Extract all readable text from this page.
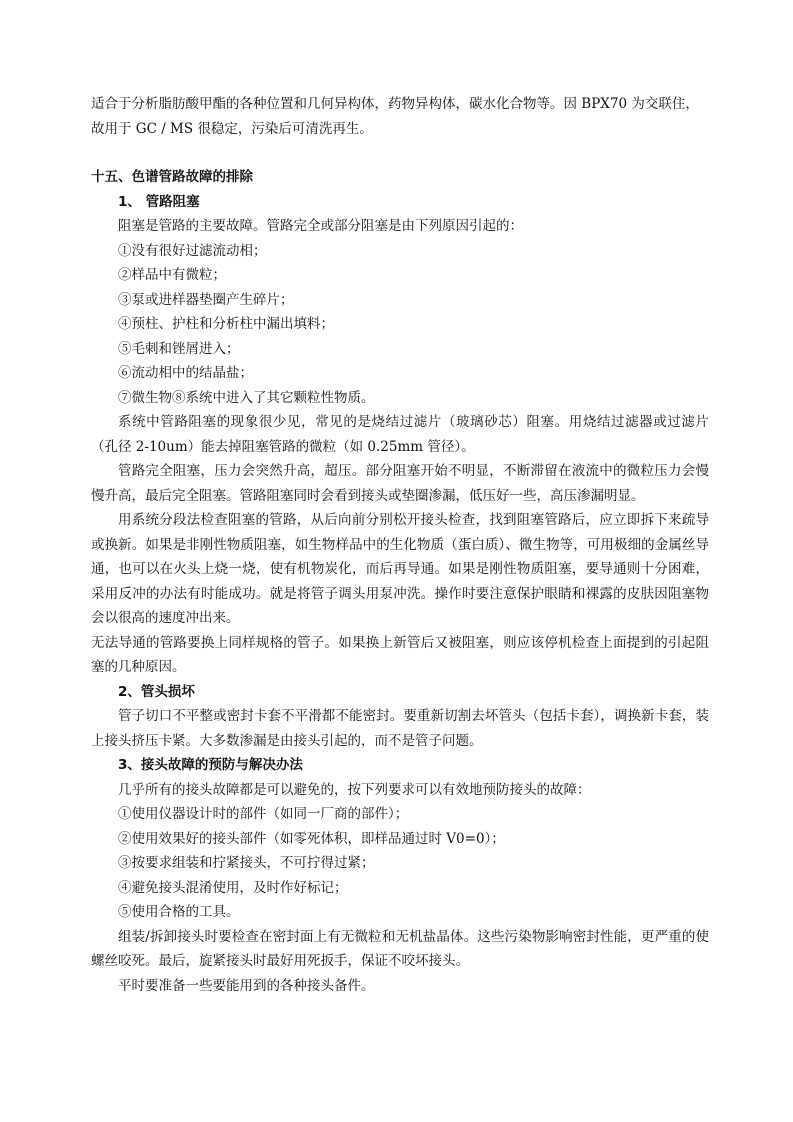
适合于分析脂肪酸甲酯的各种位置和几何异构体，药物异构体，碳水化合物等。因 BPX70 为交联住，

故用于 GC / MS 很稳定，污染后可清洗再生。

十五、色谱管路故障的排除

1、 管路阻塞

阻塞是管路的主要故障。管路完全或部分阻塞是由下列原因引起的：

①没有很好过滤流动相；

②样品中有微粒；

③泵或进样器垫圈产生碎片；

④预柱、护柱和分析柱中漏出填料；

⑤毛刺和锉屑进入；

⑥流动相中的结晶盐；

⑦微生物⑧系统中进入了其它颗粒性物质。

系统中管路阻塞的现象很少见，常见的是烧结过滤片（玻璃砂芯）阻塞。用烧结过滤器或过滤片（孔径 2-10um）能去掉阻塞管路的微粒（如 0.25mm 管径）。

管路完全阻塞，压力会突然升高，超压。部分阻塞开始不明显，不断滞留在液流中的微粒压力会慢慢升高，最后完全阻塞。管路阻塞同时会看到接头或垫圈渗漏，低压好一些，高压渗漏明显。

用系统分段法检查阻塞的管路，从后向前分别松开接头检查，找到阻塞管路后，应立即拆下来疏导或换新。如果是非刚性物质阻塞，如生物样品中的生化物质（蛋白质）、微生物等，可用极细的金属丝导通，也可以在火头上烧一烧，使有机物炭化，而后再导通。如果是刚性物质阻塞，要导通则十分困难，采用反冲的办法有时能成功。就是将管子调头用泵冲洗。操作时要注意保护眼睛和裸露的皮肤因阻塞物会以很高的速度冲出来。

无法导通的管路要换上同样规格的管子。如果换上新管后又被阻塞，则应该停机检查上面提到的引起阻塞的几种原因。

2、管头损坏

管子切口不平整或密封卡套不平滑都不能密封。要重新切割去坏管头（包括卡套），调换新卡套，装上接头挤压卡紧。大多数渗漏是由接头引起的，而不是管子问题。

3、接头故障的预防与解决办法

几乎所有的接头故障都是可以避免的，按下列要求可以有效地预防接头的故障：

①使用仪器设计时的部件（如同一厂商的部件）；

②使用效果好的接头部件（如零死体积，即样品通过时 V0=0）；

③按要求组装和拧紧接头，不可拧得过紧；

④避免接头混淆使用，及时作好标记；

⑤使用合格的工具。

组装/拆卸接头时要检查在密封面上有无微粒和无机盐晶体。这些污染物影响密封性能，更严重的使螺丝咬死。最后，旋紧接头时最好用死扳手，保证不咬坏接头。

平时要准备一些要能用到的各种接头备件。
